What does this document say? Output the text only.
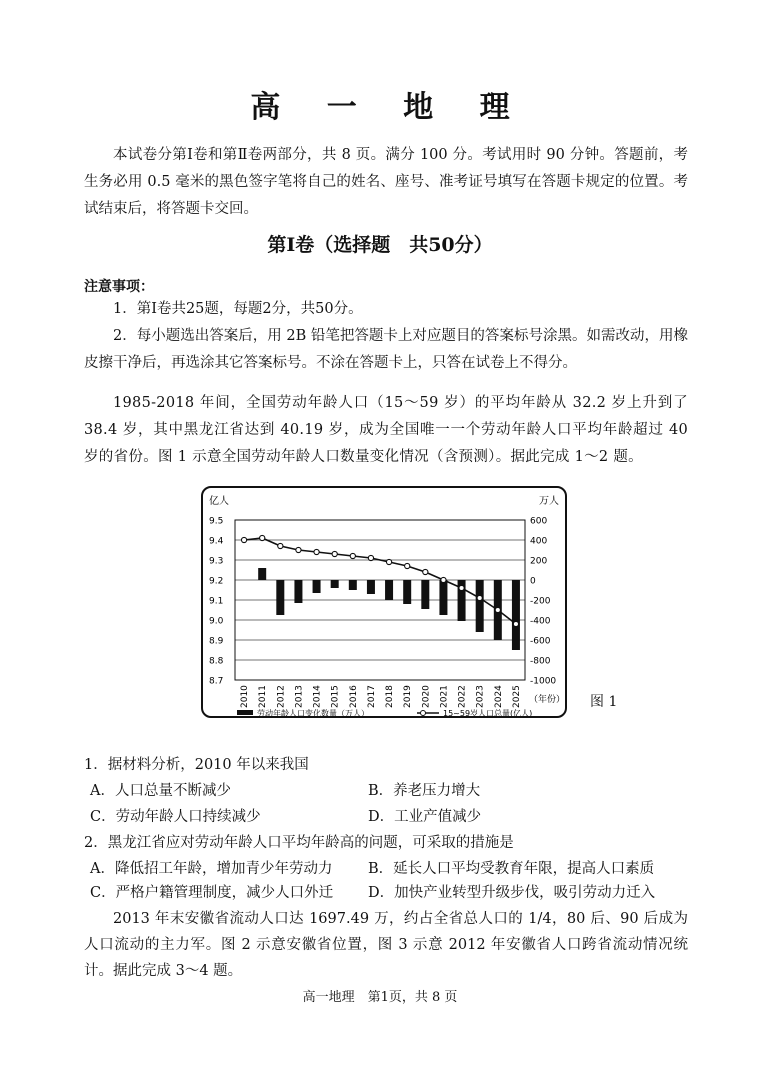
高 一 地 理
本试卷分第Ⅰ卷和第Ⅱ卷两部分，共 8 页。满分 100 分。考试用时 90 分钟。答题前，考生务必用 0.5 毫米的黑色签字笔将自己的姓名、座号、准考证号填写在答题卡规定的位置。考试结束后，将答题卡交回。
第Ⅰ卷（选择题　共50分）
注意事项：

1．第Ⅰ卷共25题，每题2分，共50分。

2．每小题选出答案后，用 2B 铅笔把答题卡上对应题目的答案标号涂黑。如需改动，用橡皮擦干净后，再选涂其它答案标号。不涂在答题卡上，只答在试卷上不得分。

1985-2018 年间，全国劳动年龄人口（15～59 岁）的平均年龄从 32.2 岁上升到了 38.4 岁，其中黑龙江省达到 40.19 岁，成为全国唯一一个劳动年龄人口平均年龄超过 40 岁的省份。图 1 示意全国劳动年龄人口数量变化情况（含预测）。据此完成 1～2 题。
亿人	万人
9.5
9.4
9.3
9.2
9.1
9.0
8.9
8.8
8.7
600
400
200
0
-200
-400
-600
-800
-1000
2010 2011 2012 2013 2014 2015 2016 2017 2018 2019 2020 2021 2022 2023 2024 2025 （年份）
劳动年龄人口变化数量（万人）	15~59岁人口总量(亿人)
图 1
1．据材料分析，2010 年以来我国
A．人口总量不断减少	B．养老压力增大
C．劳动年龄人口持续减少	D．工业产值减少
2．黑龙江省应对劳动年龄人口平均年龄高的问题，可采取的措施是
A．降低招工年龄，增加青少年劳动力 B．延长人口平均受教育年限，提高人口素质
C．严格户籍管理制度，减少人口外迁 D．加快产业转型升级步伐，吸引劳动力迁入
2013 年末安徽省流动人口达 1697.49 万，约占全省总人口的 1/4，80 后、90 后成为人口流动的主力军。图 2 示意安徽省位置，图 3 示意 2012 年安徽省人口跨省流动情况统计。据此完成 3～4 题。
高一地理　第1页，共 8 页
